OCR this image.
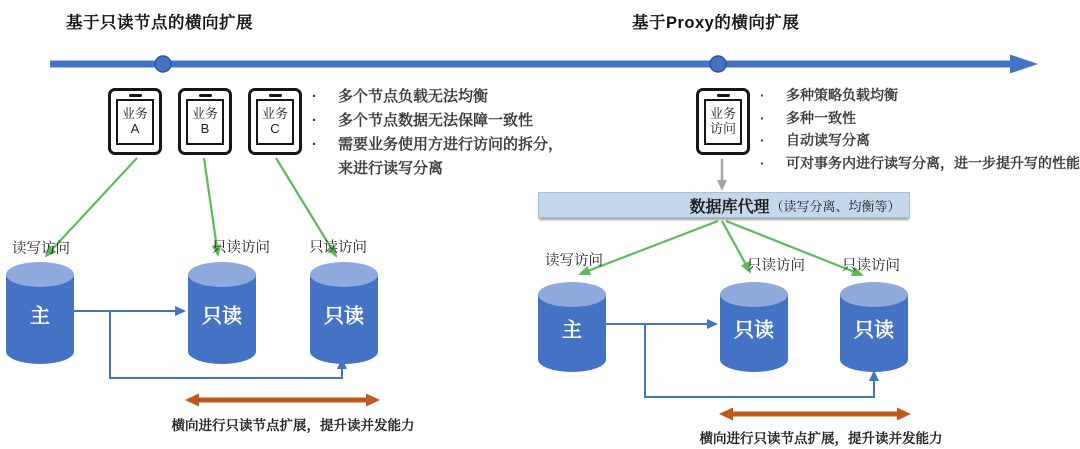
基于只读节点的横向扩展	基于Proxy的横向扩展
业务
A
业务
B
业务
C
业务
访问
· 多个节点负载无法均衡
· 多个节点数据无法保障一致性
· 需要业务使用方进行访问的拆分，来进行读写分离
· 多种策略负载均衡
· 多种一致性
· 自动读写分离
· 可对事务内进行读写分离，进一步提升写的性能
数据库代理 （读写分离、均衡等）
读写访问	只读访问	只读访问
读写访问	只读访问	只读访问
主	只读	只读
主	只读	只读
横向进行只读节点扩展，提升读并发能力
横向进行只读节点扩展，提升读并发能力
